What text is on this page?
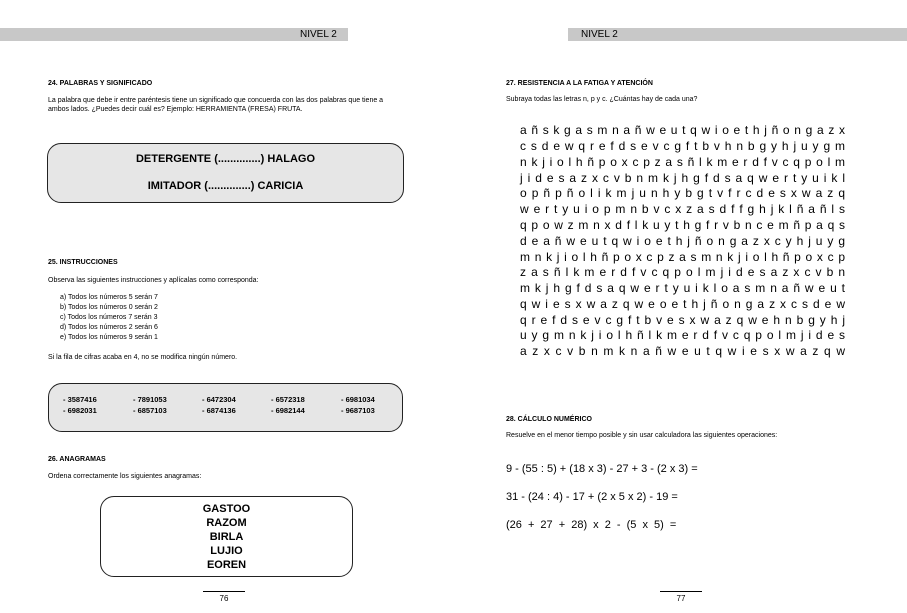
NIVEL 2
24. PALABRAS Y SIGNIFICADO
La palabra que debe ir entre paréntesis tiene un significado que concuerda con las dos palabras que tiene a ambos lados. ¿Puedes decir cuál es? Ejemplo: HERRAMIENTA (FRESA) FRUTA.
DETERGENTE (..............) HALAGO
IMITADOR (..............) CARICIA
25. INSTRUCCIONES
Observa las siguientes instrucciones y aplícalas como corresponda:
a) Todos los números 5 serán 7
b) Todos los números 0 serán 2
c) Todos los números 7 serán 3
d) Todos los números 2 serán 6
e) Todos los números 9 serán 1
Si la fila de cifras acaba en 4, no se modifica ningún número.
- 3587416
- 6982031
- 7891053
- 6857103
- 6472304
- 6874136
- 6572318
- 6982144
- 6981034
- 9687103
26. ANAGRAMAS
Ordena correctamente los siguientes anagramas:
GASTOO
RAZOM
BIRLA
LUJIO
EOREN
76
NIVEL 2
27. RESISTENCIA A LA FATIGA Y ATENCIÓN
Subraya todas las letras n, p y c. ¿Cuántas hay de cada una?
a ñ s k g a s m n a ñ w e u t q w i o e t h j ñ o n g a z x
c s d e w q r e f d s e v c g f t b v h n b g y h j u y g m
n k j i o l h ñ p o x c p z a s ñ l k m e r d f v c q p o l m
j i d e s a z x c v b n m k j h g f d s a q w e r t y u i k l
o p ñ p ñ o l i k m j u n h y b g t v f r c d e s x w a z q
w e r t y u i o p m n b v c x z a s d f f g h j k l ñ a ñ l s
q p o w z m n x d f l k u y t h g f r v b n c e m ñ p a q s
d e a ñ w e u t q w i o e t h j ñ o n g a z x c y h j u y g
m n k j i o l h ñ p o x c p z a s m n k j i o l h ñ p o x c p
z a s ñ l k m e r d f v c q p o l m j i d e s a z x c v b n
m k j h g f d s a q w e r t y u i k l o a s m n a ñ w e u t
q w i e s x w a z q w e o e t h j ñ o n g a z x c s d e w
q r e f d s e v c g f t b v e s x w a z q w e h n b g y h j
u y g m n k j i o l h ñ l k m e r d f v c q p o l m j i d e s
a z x c v b n m k n a ñ w e u t q w i e s x w a z q w
28. CÁLCULO NUMÉRICO
Resuelve en el menor tiempo posible y sin usar calculadora las siguientes operaciones:
9 - (55 : 5) + (18 x 3) - 27 + 3 - (2 x 3) =
31 - (24 : 4) - 17 + (2 x 5 x 2) - 19 =
(26 + 27 + 28) x 2 - (5 x 5) =
77
